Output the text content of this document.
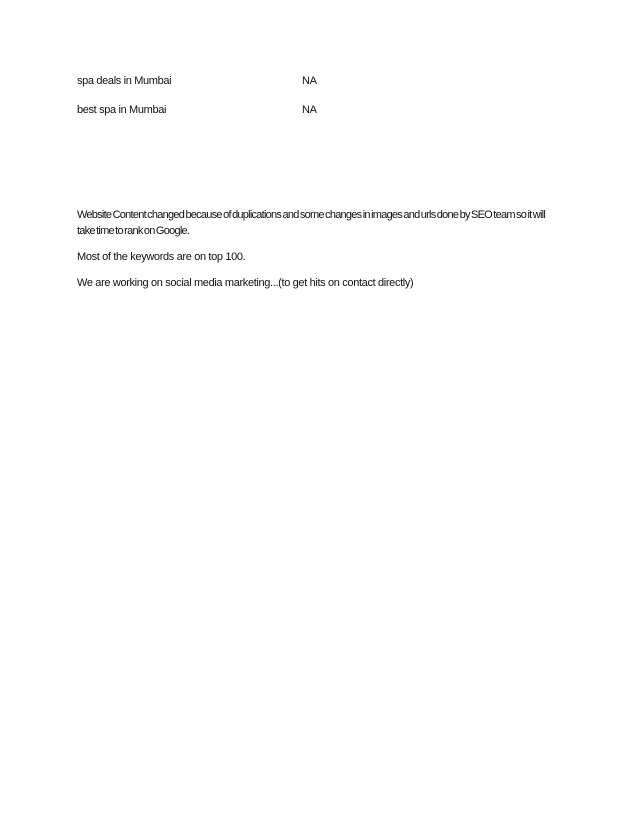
spa deals in Mumbai	NA
best spa in Mumbai	NA

Website Content changed because of duplications and some changes in images and urls done by SEO team so it will take time to rank on Google.

Most of the keywords are on top 100.

We are working on social media marketing...(to get hits on contact directly)
